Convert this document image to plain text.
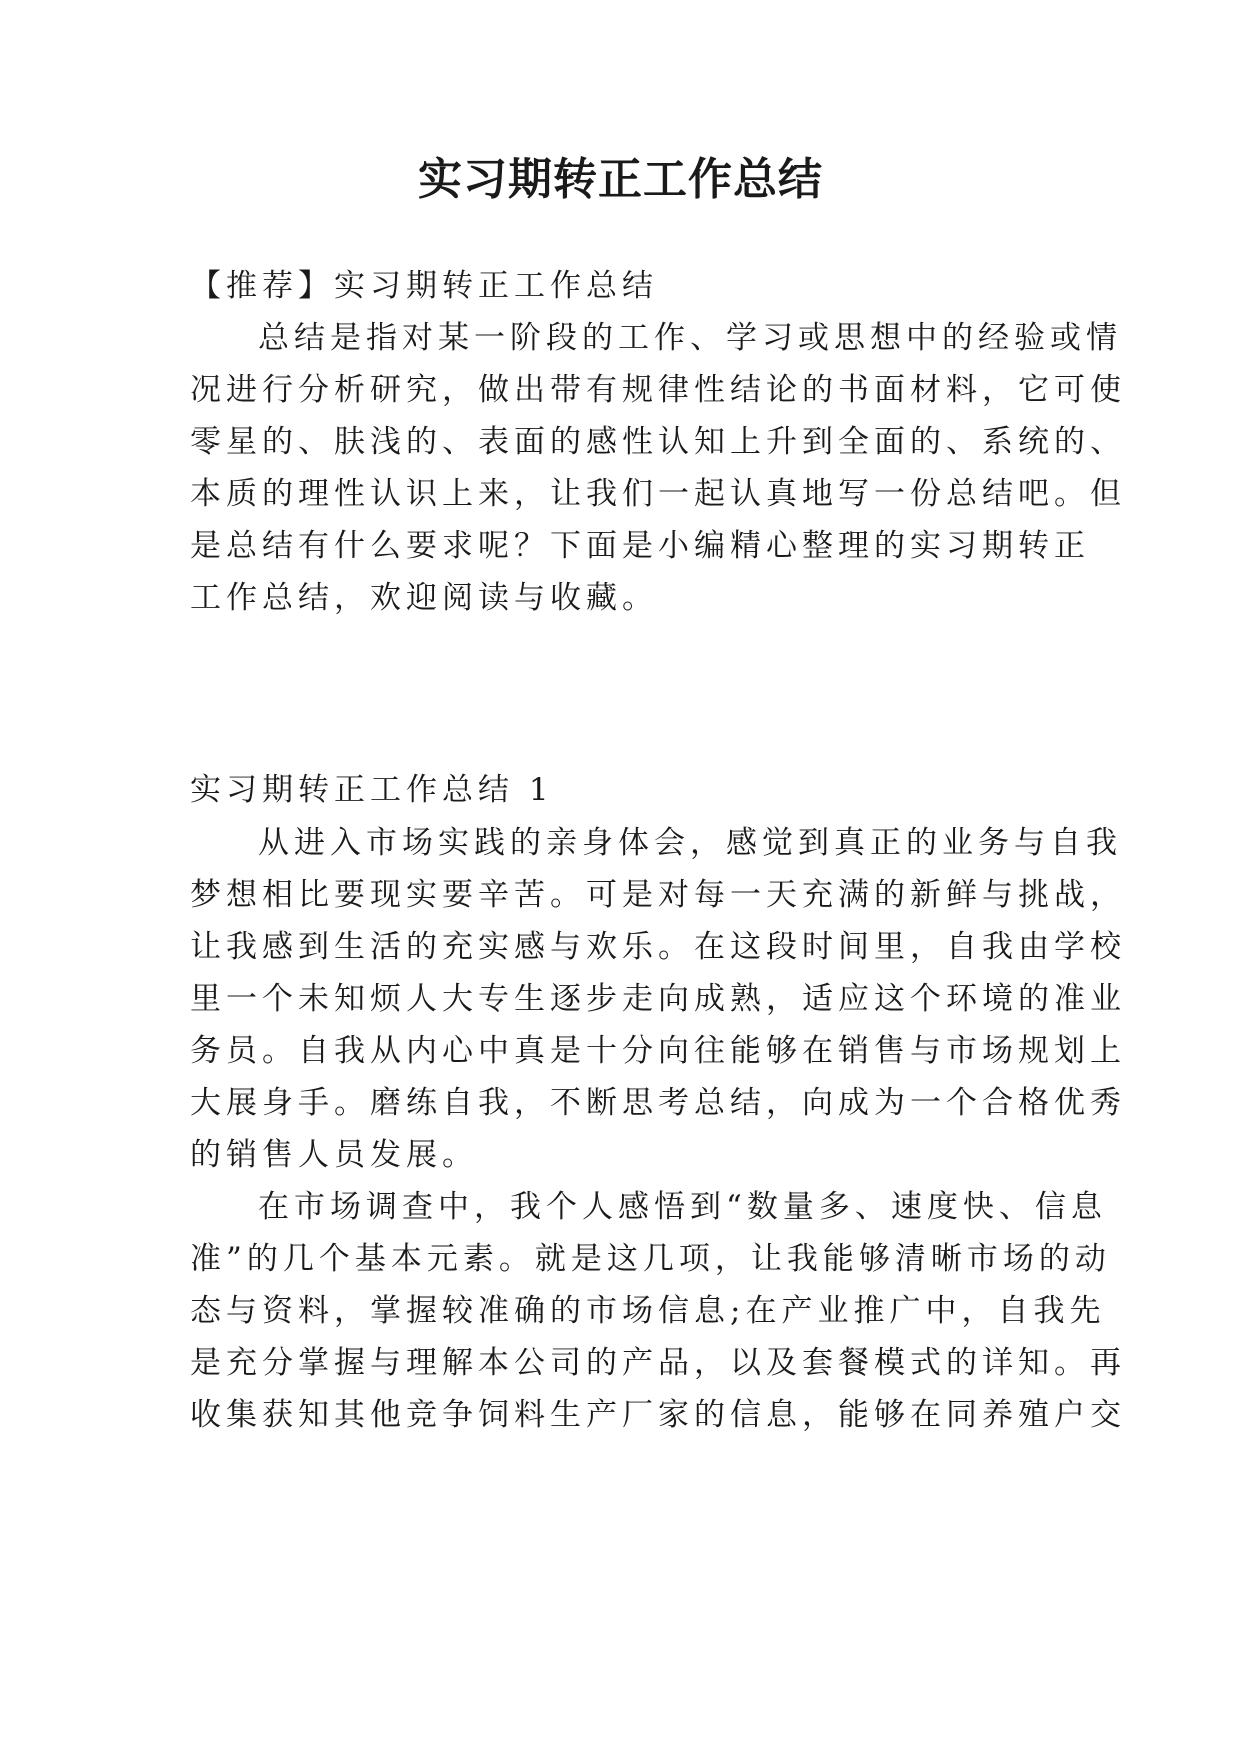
实习期转正工作总结

【推荐】实习期转正工作总结

总结是指对某一阶段的工作、学习或思想中的经验或情

况进行分析研究，做出带有规律性结论的书面材料，它可使

零星的、肤浅的、表面的感性认知上升到全面的、系统的、

本质的理性认识上来，让我们一起认真地写一份总结吧。但

是总结有什么要求呢？下面是小编精心整理的实习期转正

工作总结，欢迎阅读与收藏。

实习期转正工作总结 1

从进入市场实践的亲身体会，感觉到真正的业务与自我

梦想相比要现实要辛苦。可是对每一天充满的新鲜与挑战，

让我感到生活的充实感与欢乐。在这段时间里，自我由学校

里一个未知烦人大专生逐步走向成熟，适应这个环境的准业

务员。自我从内心中真是十分向往能够在销售与市场规划上

大展身手。磨练自我，不断思考总结，向成为一个合格优秀

的销售人员发展。

在市场调查中，我个人感悟到“数量多、速度快、信息

准”的几个基本元素。就是这几项，让我能够清晰市场的动

态与资料，掌握较准确的市场信息;在产业推广中，自我先

是充分掌握与理解本公司的产品，以及套餐模式的详知。再

收集获知其他竞争饲料生产厂家的信息，能够在同养殖户交
